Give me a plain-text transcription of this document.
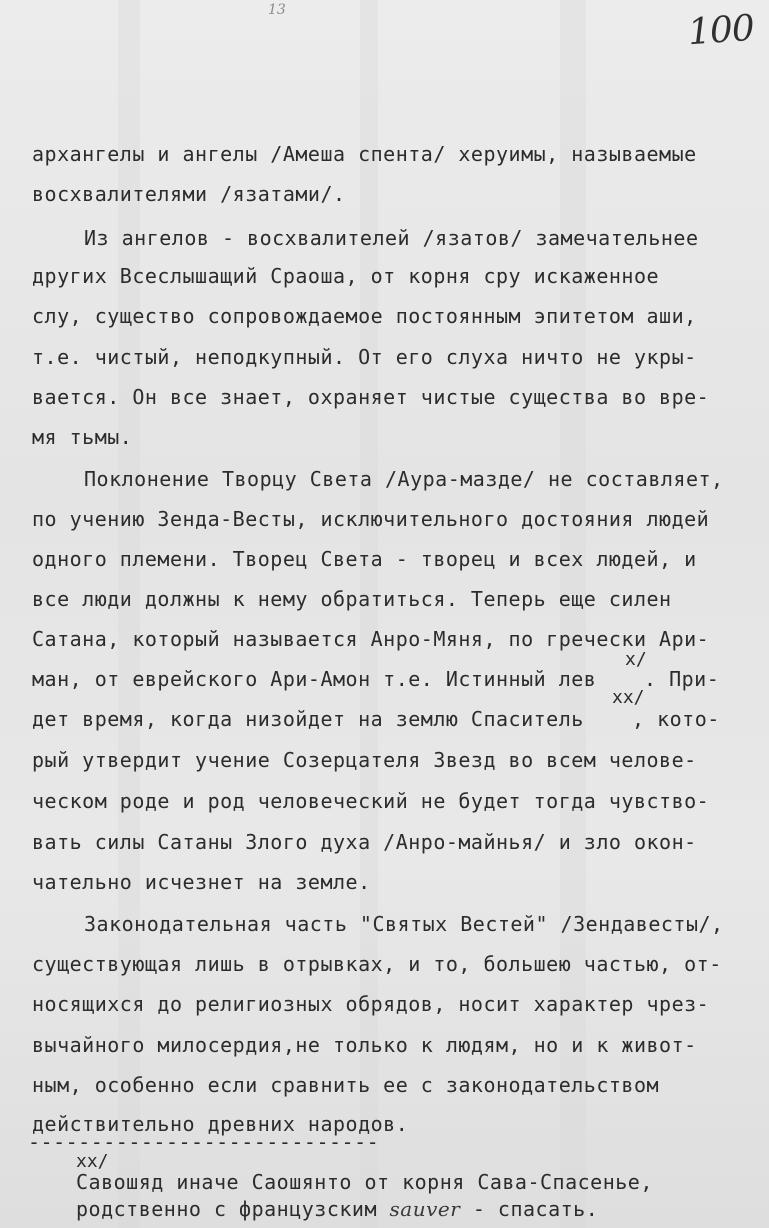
13	100
архангелы и ангелы /Амеша спента/ херуимы, называемые
восхвалителями /язатами/.
Из ангелов - восхвалителей /язатов/ замечательнее
других Всеслышащий Сраоша, от корня сру искаженное
слу, существо сопровождаемое постоянным эпитетом аши,
т.е. чистый, неподкупный. От его слуха ничто не укры-
вается. Он все знает, охраняет чистые существа во вре-
мя тьмы.
Поклонение Творцу Света /Аура-мазде/ не составляет,
по учению Зенда-Весты, исключительного достояния людей
одного племени. Творец Света - творец и всех людей, и
все люди должны к нему обратиться. Теперь еще силен
Сатана, который называется Анро-Мяня, по гречески Ари-
х/
ман, от еврейского Ари-Амон т.е. Истинный лев
хх/
. При-
дет время, когда низойдет на землю Спаситель , кото-
рый утвердит учение Созерцателя Звезд во всем челове-
ческом роде и род человеческий не будет тогда чувство-
вать силы Сатаны Злого духа /Анро-майнья/ и зло окон-
чательно исчезнет на земле.
Законодательная часть "Святых Вестей" /Зендавесты/,
существующая лишь в отрывках, и то, большею частью, от-
носящихся до религиозных обрядов, носит характер чрез-
вычайного милосердия,не только к людям, но и к живот-
ным, особенно если сравнить ее с законодательством
действительно древних народов.
----------------------------
хх/
Савошяд иначе Саошянто от корня Сава-Спасенье,
родственно с французским sauver - спасать.
